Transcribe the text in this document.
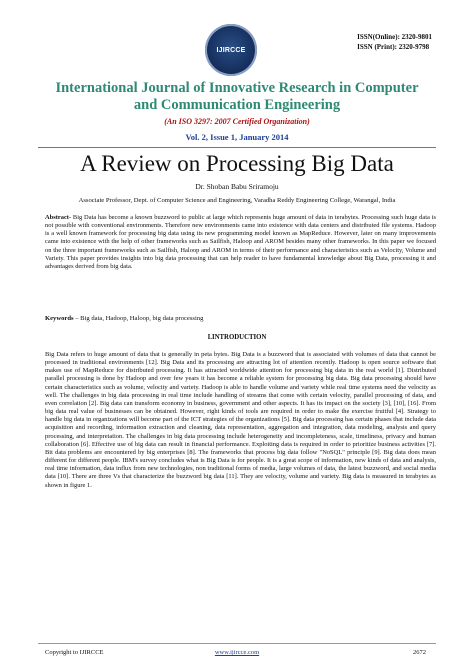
IJIRCCE
ISSN(Online): 2320-9801
ISSN (Print): 2320-9798
International Journal of Innovative Research in Computer
and Communication Engineering
(An ISO 3297: 2007 Certified Organization)
Vol. 2, Issue 1, January 2014
A Review on Processing Big Data
Dr. Shoban Babu Sriramoju
Associate Professor, Dept. of Computer Science and Engineering, Varadha Reddy Engineering College, Warangal, India

Abstract- Big Data has become a known buzzword to public at large which represents huge amount of data in terabytes. Processing such huge data is not possible with conventional environments. Therefore new environments came into existence with data centers and distributed file systems. Hadoop is a well known framework for processing big data using its new programming model known as MapReduce. However, later on many improvements came into existence with the help of other frameworks such as Sailfish, Haloop and AROM besides many other frameworks. In this paper we focused on the three important frameworks such as Sailfish, Haloop and AROM in terms of their performance and characteristics such as Velocity, Volume and Variety. This paper provides insights into big data processing that can help reader to have fundamental knowledge about Big Data, processing it and advantages derived from big data.

Keywords – Big data, Hadoop, Haloop, big data processing

I.INTRODUCTION

Big Data refers to huge amount of data that is generally in peta bytes. Big Data is a buzzword that is associated with volumes of data that cannot be processed in traditional environments [12]. Big Data and its processing are attracting lot of attention recently. Hadoop is open source software that makes use of MapReduce for distributed processing. It has attracted worldwide attention for processing big data in the real world [1]. Distributed parallel processing is done by Hadoop and over few years it has become a reliable system for processing big data. Big data processing should have certain characteristics such as volume, velocity and variety. Hadoop is able to handle volume and variety while real time systems need the velocity as well. The challenges in big data processing in real time include handling of streams that come with certain velocity, parallel processing of data, and even correlation [2]. Big data can transform economy in business, government and other aspects. It has its impact on the society [3], [10], [16]. From big data real value of businesses can be obtained. However, right kinds of tools are required in order to make the exercise fruitful [4]. Strategy to handle big data in organizations will become part of the ICT strategies of the organizations [5]. Big data processing has certain phases that include data acquisition and recording, information extraction and cleaning, data representation, aggregation and integration, data modeling, analysis and query processing, and interpretation. The challenges in big data processing include heterogeneity and incompleteness, scale, timeliness, privacy and human collaboration [6]. Effective use of big data can result in financial performance. Exploiting data is required in order to prioritize business activities [7]. Bit data problems are encountered by big enterprises [8]. The frameworks that process big data follow "NoSQL" principle [9]. Big data does mean different for different people. IBM's survey concludes what is Big Data is for people. It is a great scope of information, new kinds of data and analysis, real time information, data influx from new technologies, non traditional forms of media, large volumes of data, the latest buzzword, and social media data [10]. There are three Vs that characterize the buzzword big data [11]. They are velocity, volume and variety. Big data is measured in terabytes as shown in figure 1.

Copyright to IJIRCCE	www.ijircce.com	2672
